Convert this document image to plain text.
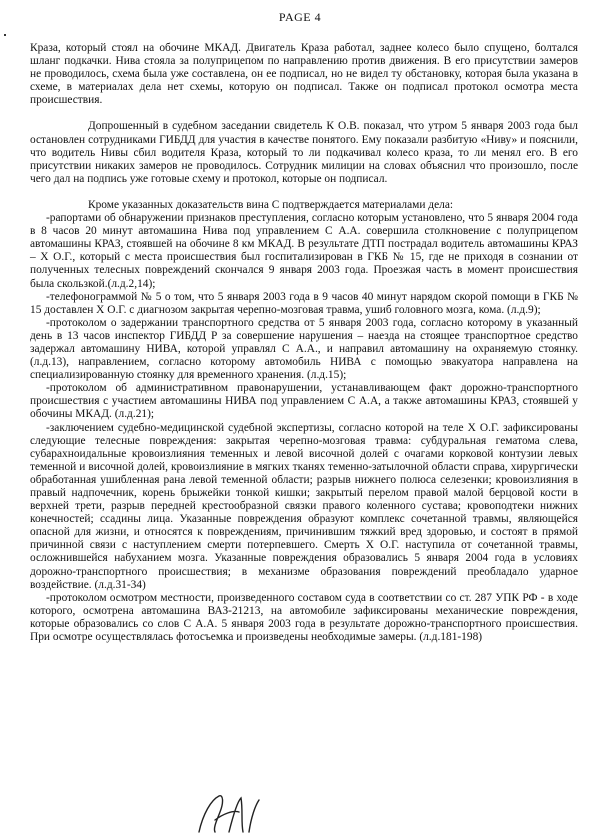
PAGE 4

Краза, который стоял на обочине МКАД. Двигатель Краза работал, заднее колесо было спущено, болтался шланг подкачки. Нива стояла за полуприцепом по направлению против движения. В его присутствии замеров не проводилось, схема была уже составлена, он ее подписал, но не видел ту обстановку, которая была указана в схеме, в материалах дела нет схемы, которую он подписал. Также он подписал протокол осмотра места происшествия.

Допрошенный в судебном заседании свидетель К О.В. показал, что утром 5 января 2003 года был остановлен сотрудниками ГИБДД для участия в качестве понятого. Ему показали разбитую «Ниву» и пояснили, что водитель Нивы сбил водителя Краза, который то ли подкачивал колесо краза, то ли менял его. В его присутствии никаких замеров не проводилось. Сотрудник милиции на словах объяснил что произошло, после чего дал на подпись уже готовые схему и протокол, которые он подписал.

Кроме указанных доказательств вина С подтверждается материалами дела:

-рапортами об обнаружении признаков преступления, согласно которым установлено, что 5 января 2004 года в 8 часов 20 минут автомашина Нива под управлением С А.А. совершила столкновение с полуприцепом автомашины КРАЗ, стоявшей на обочине 8 км МКАД. В результате ДТП пострадал водитель автомашины КРАЗ – Х О.Г., который с места происшествия был госпитализирован в ГКБ № 15, где не приходя в сознании от полученных телесных повреждений скончался 9 января 2003 года. Проезжая часть в момент происшествия была скользкой.(л.д.2,14);

-телефонограммой № 5 о том, что 5 января 2003 года в 9 часов 40 минут нарядом скорой помощи в ГКБ № 15 доставлен Х О.Г. с диагнозом закрытая черепно-мозговая травма, ушиб головного мозга, кома. (л.д.9);

-протоколом о задержании транспортного средства от 5 января 2003 года, согласно которому в указанный день в 13 часов инспектор ГИБДД Р за совершение нарушения – наезда на стоящее транспортное средство задержал автомашину НИВА, которой управлял С А.А., и направил автомашину на охраняемую стоянку. (л.д.13), направлением, согласно которому автомобиль НИВА с помощью эвакуатора направлена на специализированную стоянку для временного хранения. (л.д.15);

-протоколом об административном правонарушении, устанавливающем факт дорожно-транспортного происшествия с участием автомашины НИВА под управлением С А.А, а также автомашины КРАЗ, стоявшей у обочины МКАД. (л.д.21);

-заключением судебно-медицинской судебной экспертизы, согласно которой на теле Х О.Г. зафиксированы следующие телесные повреждения: закрытая черепно-мозговая травма: субдуральная гематома слева, субарахноидальные кровоизлияния теменных и левой височной долей с очагами корковой контузии левых теменной и височной долей, кровоизлияние в мягких тканях теменно-затылочной области справа, хирургически обработанная ушибленная рана левой теменной области; разрыв нижнего полюса селезенки; кровоизлияния в правый надпочечник, корень брыжейки тонкой кишки; закрытый перелом правой малой берцовой кости в верхней трети, разрыв передней крестообразной связки правого коленного сустава; кровоподтеки нижних конечностей; ссадины лица. Указанные повреждения образуют комплекс сочетанной травмы, являющейся опасной для жизни, и относятся к повреждениям, причинившим тяжкий вред здоровью, и состоят в прямой причинной связи с наступлением смерти потерпевшего. Смерть Х О.Г. наступила от сочетанной травмы, осложнившейся набуханием мозга. Указанные повреждения образовались 5 января 2004 года в условиях дорожно-транспортного происшествия; в механизме образования повреждений преобладало ударное воздействие. (л.д.31-34)

-протоколом осмотром местности, произведенного составом суда в соответствии со ст. 287 УПК РФ - в ходе которого, осмотрена автомашина ВАЗ-21213, на автомобиле зафиксированы механические повреждения, которые образовались со слов С А.А. 5 января 2003 года в результате дорожно-транспортного происшествия. При осмотре осуществлялась фотосъемка и произведены необходимые замеры. (л.д.181-198)
